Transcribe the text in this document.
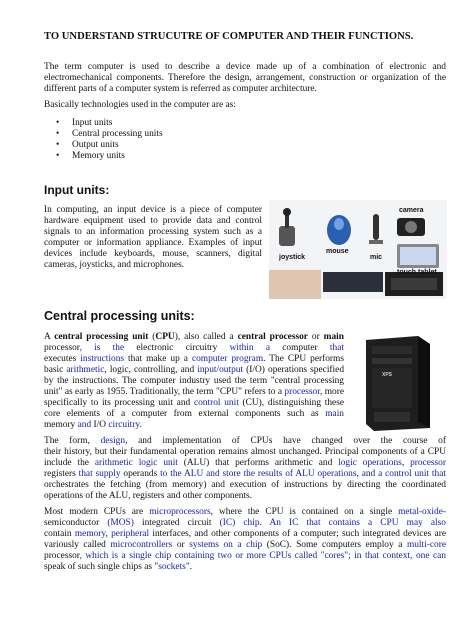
TO UNDERSTAND STRUCUTRE OF COMPUTER AND THEIR FUNCTIONS.

The term computer is used to describe a device made up of a combination of electronic and electromechanical components. Therefore the design, arrangement, construction or organization of the different parts of a computer system is referred as computer architecture.

Basically technologies used in the computer are as:

• Input units
• Central processing units
• Output units
• Memory units
Input units:

In computing, an input device is a piece of computer hardware equipment used to provide data and control signals to an information processing system such as a computer or information appliance. Examples of input devices include keyboards, mouse, scanners, digital cameras, joysticks, and microphones.

camera
mouse
mic
joystick
touch tablet
Central processing units:
A central processing unit (CPU), also called a central processor or main
processor, is the electronic circuitry within a computer that
executes instructions that make up a computer program. The CPU performs
basic arithmetic, logic, controlling, and input/output (I/O) operations specified
by the instructions. The computer industry used the term "central processing
unit" as early as 1955. Traditionally, the term "CPU" refers to a processor, more
specifically to its processing unit and control unit (CU), distinguishing these
core elements of a computer from external components such as main
memory and I/O circuitry.
XPS
The form, design, and implementation of CPUs have changed over the course of
their history, but their fundamental operation remains almost unchanged. Principal components of a CPU
include the arithmetic logic unit (ALU) that performs arithmetic and logic operations, processor
registers that supply operands to the ALU and store the results of ALU operations, and a control unit that
orchestrates the fetching (from memory) and execution of instructions by directing the coordinated
operations of the ALU, registers and other components.
Most modern CPUs are microprocessors, where the CPU is contained on a single metal-oxide-
semiconductor (MOS) integrated circuit (IC) chip. An IC that contains a CPU may also
contain memory, peripheral interfaces, and other components of a computer; such integrated devices are
variously called microcontrollers or systems on a chip (SoC). Some computers employ a multi-core
processor, which is a single chip containing two or more CPUs called "cores"; in that context, one can
speak of such single chips as "sockets".
